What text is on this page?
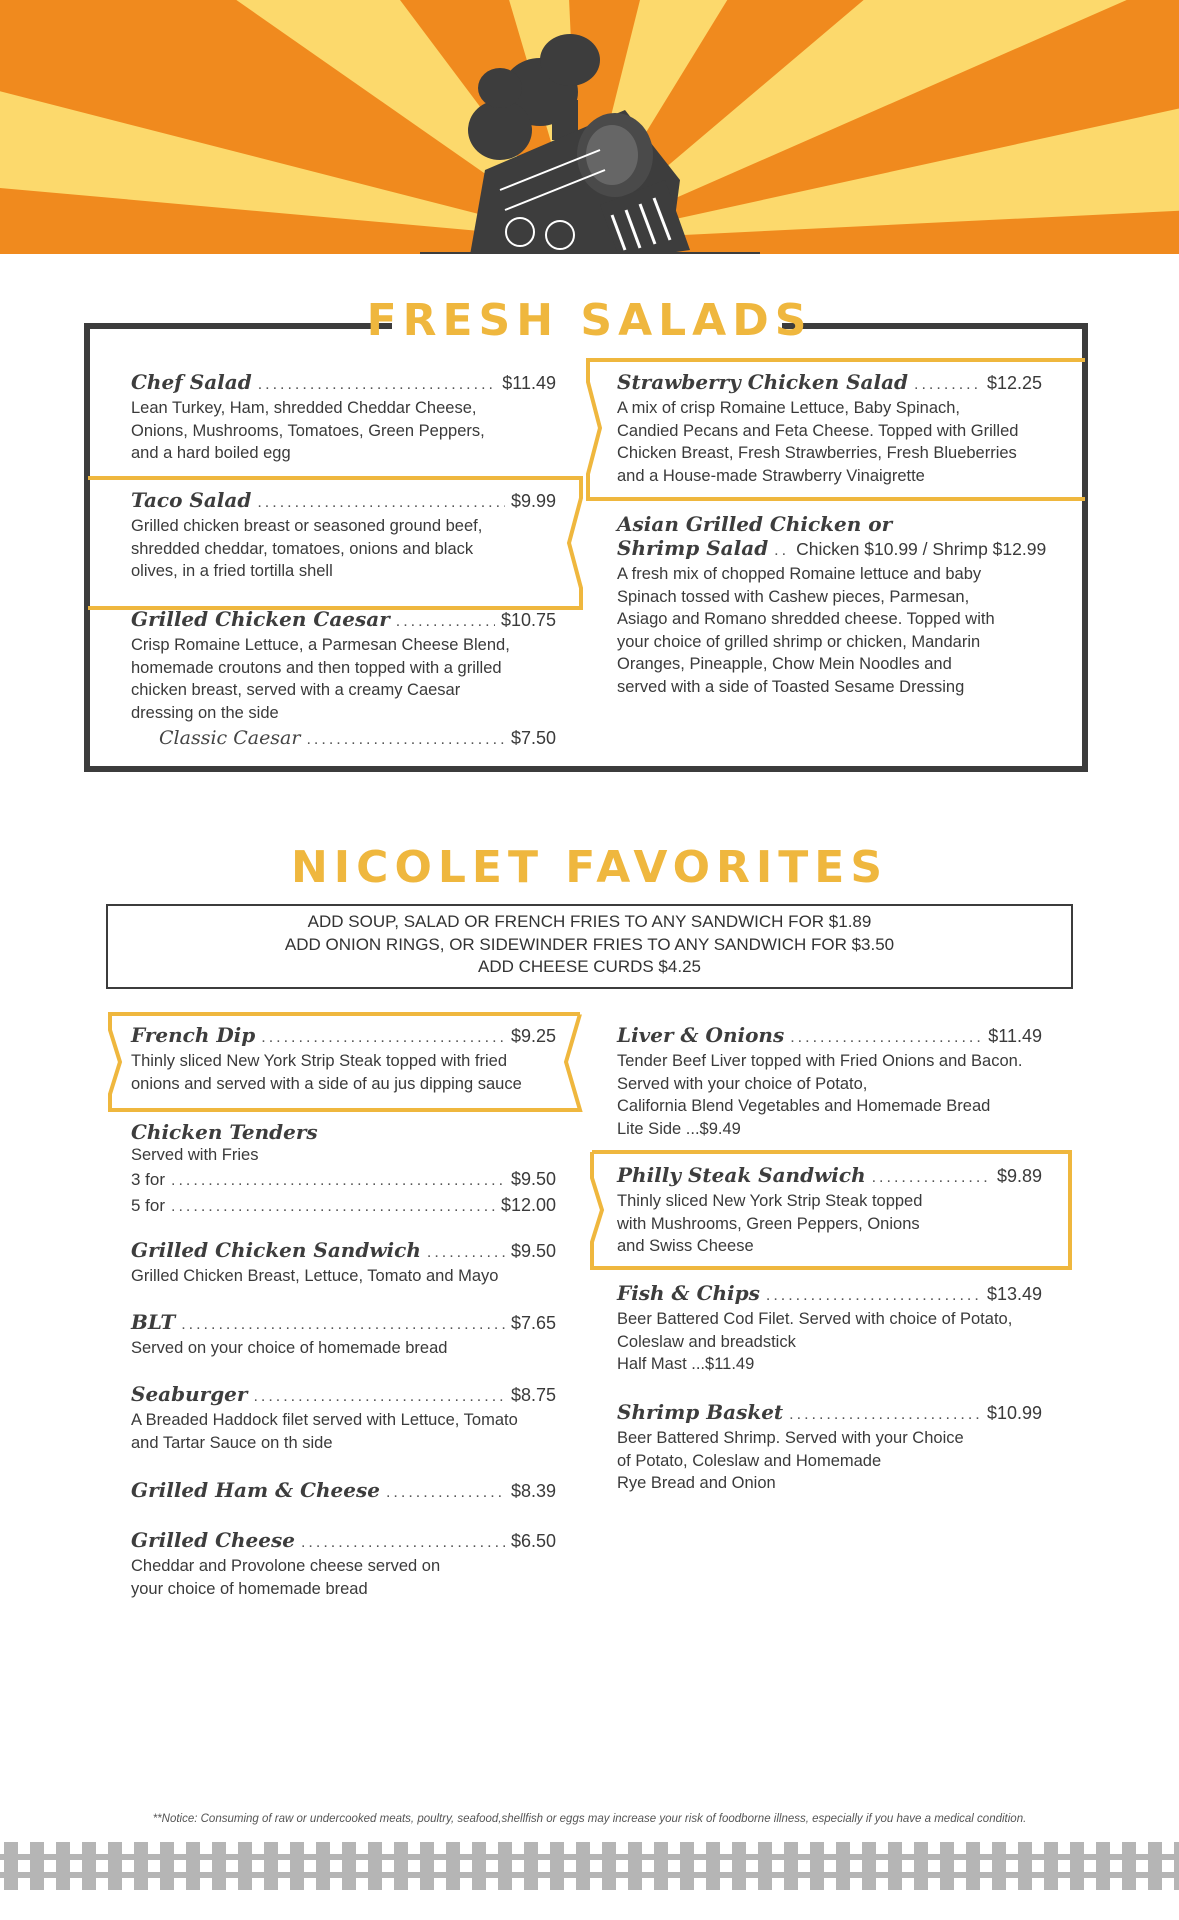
FRESH SALADS
Chef Salad .....	$11.49
Lean Turkey, Ham, shredded Cheddar Cheese,
Onions, Mushrooms, Tomatoes, Green Peppers,
and a hard boiled egg
Taco Salad .....	$9.99
Grilled chicken breast or seasoned ground beef,
shredded cheddar, tomatoes, onions and black
olives, in a fried tortilla shell
Grilled Chicken Caesar .....	$10.75
Crisp Romaine Lettuce, a Parmesan Cheese Blend,
homemade croutons and then topped with a grilled
chicken breast, served with a creamy Caesar
dressing on the side
Classic Caesar .....	$7.50
Strawberry Chicken Salad .....	$12.25
A mix of crisp Romaine Lettuce, Baby Spinach,
Candied Pecans and Feta Cheese. Topped with Grilled
Chicken Breast, Fresh Strawberries, Fresh Blueberries
and a House-made Strawberry Vinaigrette
Asian Grilled Chicken or
Shrimp Salad ..... Chicken $10.99 / Shrimp $12.99
A fresh mix of chopped Romaine lettuce and baby
Spinach tossed with Cashew pieces, Parmesan,
Asiago and Romano shredded cheese. Topped with
your choice of grilled shrimp or chicken, Mandarin
Oranges, Pineapple, Chow Mein Noodles and
served with a side of Toasted Sesame Dressing
NICOLET FAVORITES
ADD SOUP, SALAD OR FRENCH FRIES TO ANY SANDWICH FOR $1.89
ADD ONION RINGS, OR SIDEWINDER FRIES TO ANY SANDWICH FOR $3.50
ADD CHEESE CURDS $4.25
French Dip .....	$9.25
Thinly sliced New York Strip Steak topped with fried
onions and served with a side of au jus dipping sauce
Chicken Tenders
Served with Fries
3 for .....	$9.50
5 for .....	$12.00
Grilled Chicken Sandwich .....	$9.50
Grilled Chicken Breast, Lettuce, Tomato and Mayo
BLT .....	$7.65
Served on your choice of homemade bread
Seaburger .....	$8.75
A Breaded Haddock filet served with Lettuce, Tomato
and Tartar Sauce on th side
Grilled Ham & Cheese .....	$8.39
Grilled Cheese .....	$6.50
Cheddar and Provolone cheese served on
your choice of homemade bread
Liver & Onions .....	$11.49
Tender Beef Liver topped with Fried Onions and Bacon.
Served with your choice of Potato,
California Blend Vegetables and Homemade Bread
Lite Side ...$9.49
Philly Steak Sandwich .....	$9.89
Thinly sliced New York Strip Steak topped
with Mushrooms, Green Peppers, Onions
and Swiss Cheese
Fish & Chips .....	$13.49
Beer Battered Cod Filet. Served with choice of Potato,
Coleslaw and breadstick
Half Mast ...$11.49
Shrimp Basket .....	$10.99
Beer Battered Shrimp. Served with your Choice
of Potato, Coleslaw and Homemade
Rye Bread and Onion
**Notice: Consuming of raw or undercooked meats, poultry, seafood,shellfish or eggs may increase your risk of foodborne illness, especially if you have a medical condition.
